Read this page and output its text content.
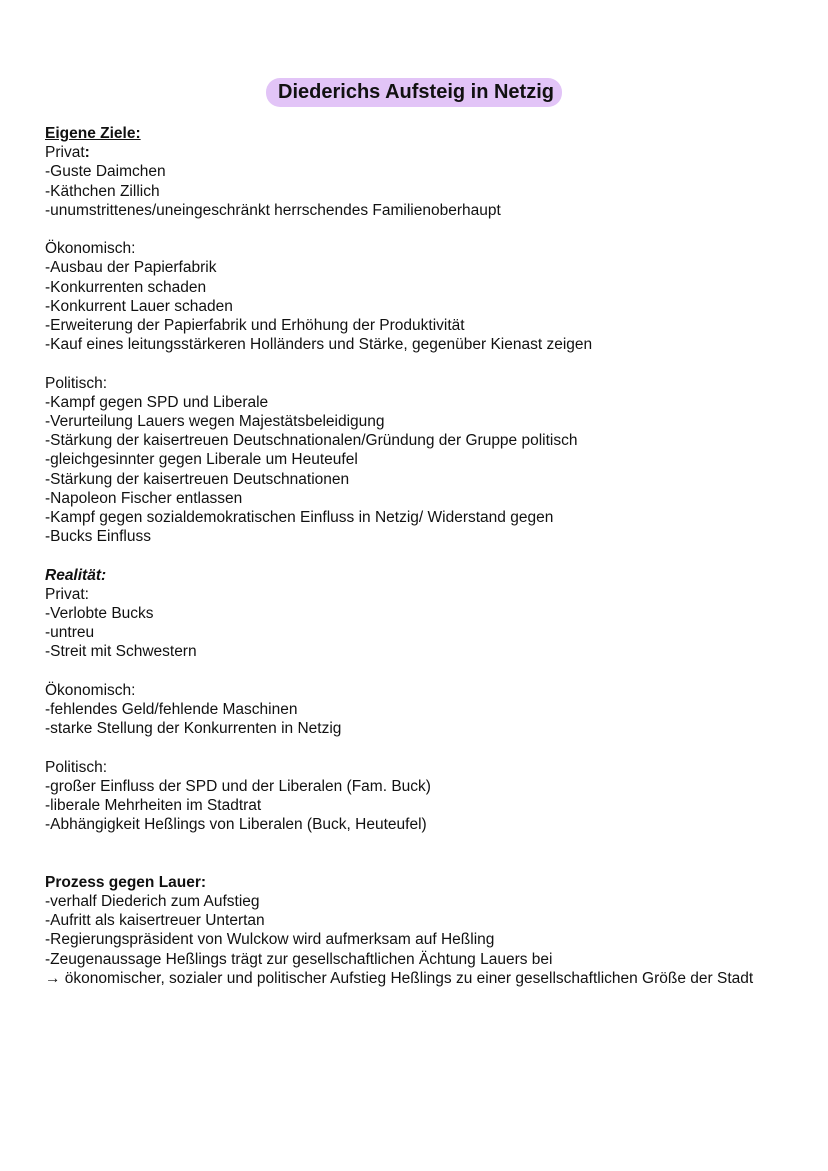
Diederichs Aufsteig in Netzig
Eigene Ziele:
Privat:
-Guste Daimchen
-Käthchen Zillich
-unumstrittenes/uneingeschränkt herrschendes Familienoberhaupt
Ökonomisch:
-Ausbau der Papierfabrik
-Konkurrenten schaden
-Konkurrent Lauer schaden
-Erweiterung der Papierfabrik und Erhöhung der Produktivität
-Kauf eines leitungsstärkeren Holländers und Stärke, gegenüber Kienast zeigen
Politisch:
-Kampf gegen SPD und Liberale
-Verurteilung Lauers wegen Majestätsbeleidigung
-Stärkung der kaisertreuen Deutschnationalen/Gründung der Gruppe politisch
-gleichgesinnter gegen Liberale um Heuteufel
-Stärkung der kaisertreuen Deutschnationen
-Napoleon Fischer entlassen
-Kampf gegen sozialdemokratischen Einfluss in Netzig/ Widerstand gegen
-Bucks Einfluss
Realität:
Privat:
-Verlobte Bucks
-untreu
-Streit mit Schwestern
Ökonomisch:
-fehlendes Geld/fehlende Maschinen
-starke Stellung der Konkurrenten in Netzig
Politisch:
-großer Einfluss der SPD und der Liberalen (Fam. Buck)
-liberale Mehrheiten im Stadtrat
-Abhängigkeit Heßlings von Liberalen (Buck, Heuteufel)
Prozess gegen Lauer:
-verhalf Diederich zum Aufstieg
-Aufritt als kaisertreuer Untertan
-Regierungspräsident von Wulckow wird aufmerksam auf Heßling
-Zeugenaussage Heßlings trägt zur gesellschaftlichen Ächtung Lauers bei
→ ökonomischer, sozialer und politischer Aufstieg Heßlings zu einer gesellschaftlichen Größe der Stadt
